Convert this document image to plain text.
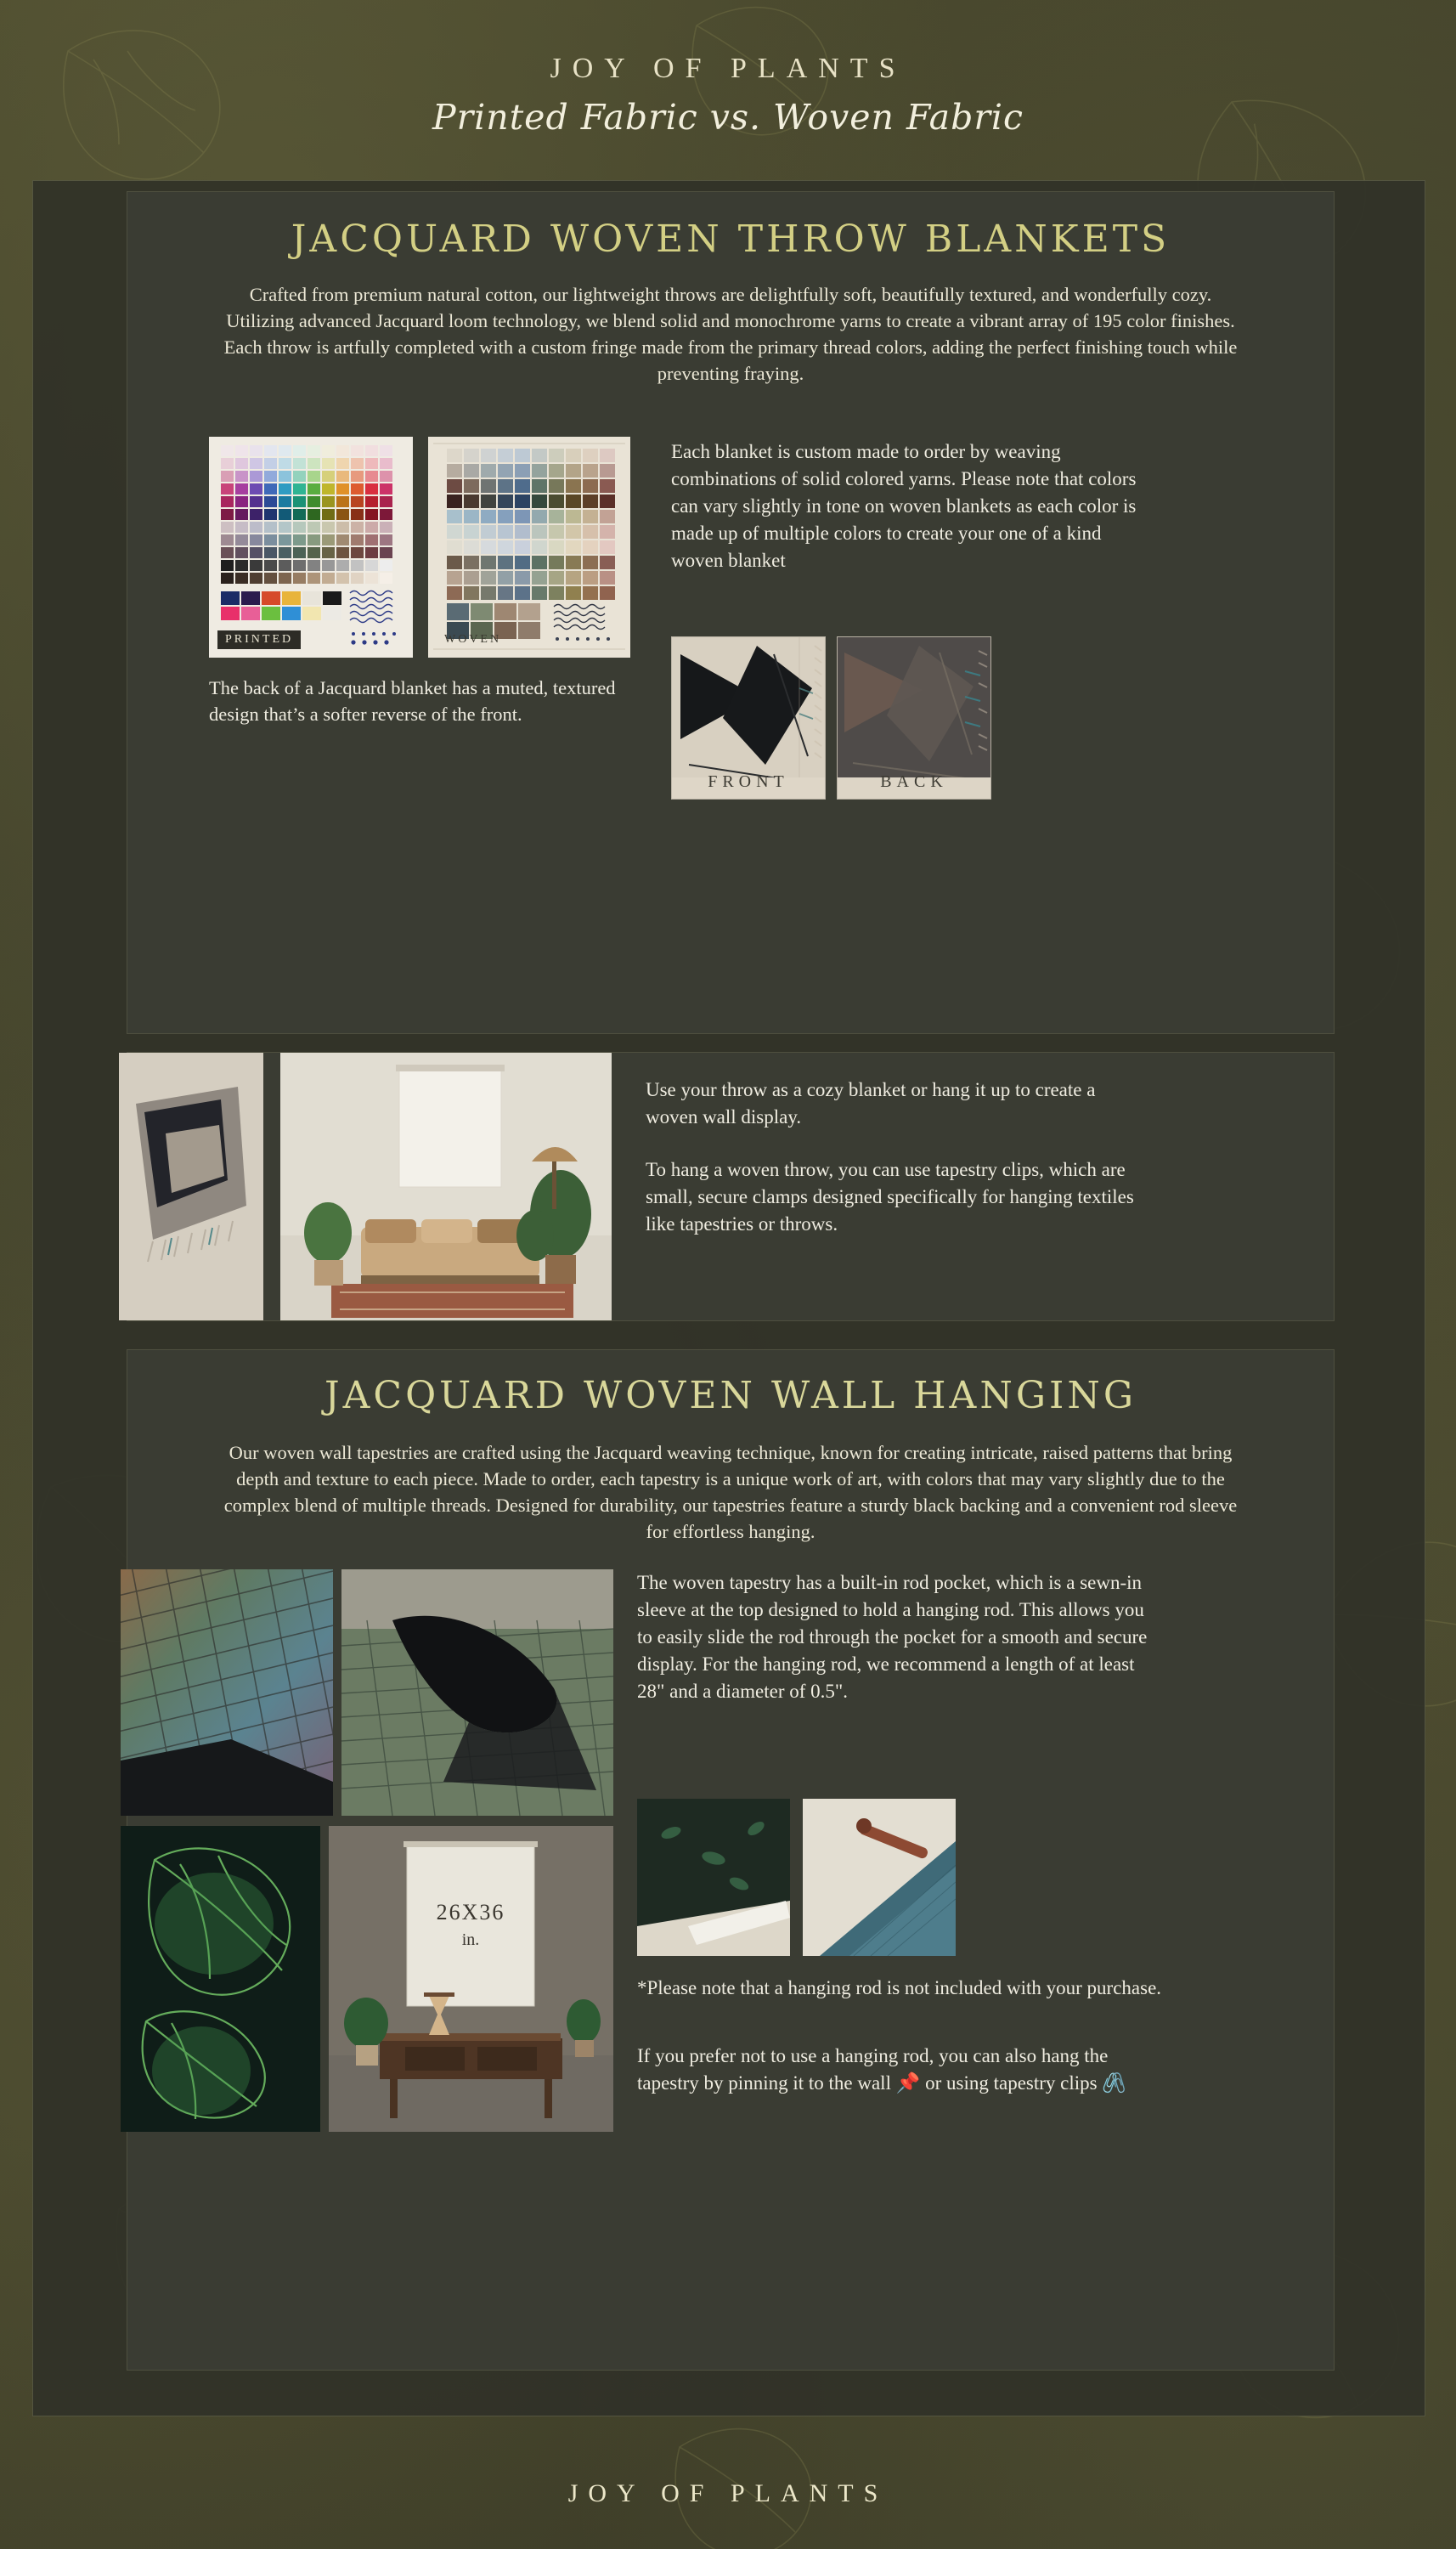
JOY OF PLANTS
Printed Fabric vs. Woven Fabric
JACQUARD WOVEN THROW BLANKETS
Crafted from premium natural cotton, our lightweight throws are delightfully soft, beautifully textured, and wonderfully cozy. Utilizing advanced Jacquard loom technology, we blend solid and monochrome yarns to create a vibrant array of 195 color finishes. Each throw is artfully completed with a custom fringe made from the primary thread colors, adding the perfect finishing touch while preventing fraying.
PRINTED	WOVEN
Each blanket is custom made to order by weaving combinations of solid colored yarns. Please note that colors can vary slightly in tone on woven blankets as each color is made up of multiple colors to create your one of a kind woven blanket
FRONT	BACK
The back of a Jacquard blanket has a muted, textured design that’s a softer reverse of the front.
Use your throw as a cozy blanket or hang it up to create a woven wall display.
To hang a woven throw, you can use tapestry clips, which are small, secure clamps designed specifically for hanging textiles like tapestries or throws.
JACQUARD WOVEN WALL HANGING
Our woven wall tapestries are crafted using the Jacquard weaving technique, known for creating intricate, raised patterns that bring depth and texture to each piece. Made to order, each tapestry is a unique work of art, with colors that may vary slightly due to the complex blend of multiple threads. Designed for durability, our tapestries feature a sturdy black backing and a convenient rod sleeve for effortless hanging.
The woven tapestry has a built-in rod pocket, which is a sewn-in sleeve at the top designed to hold a hanging rod. This allows you to easily slide the rod through the pocket for a smooth and secure display. For the hanging rod, we recommend a length of at least 28" and a diameter of 0.5".
26X36
in.
*Please note that a hanging rod is not included with your purchase.
If you prefer not to use a hanging rod, you can also hang the tapestry by pinning it to the wall 📌 or using tapestry clips 🖇️
JOY OF PLANTS
